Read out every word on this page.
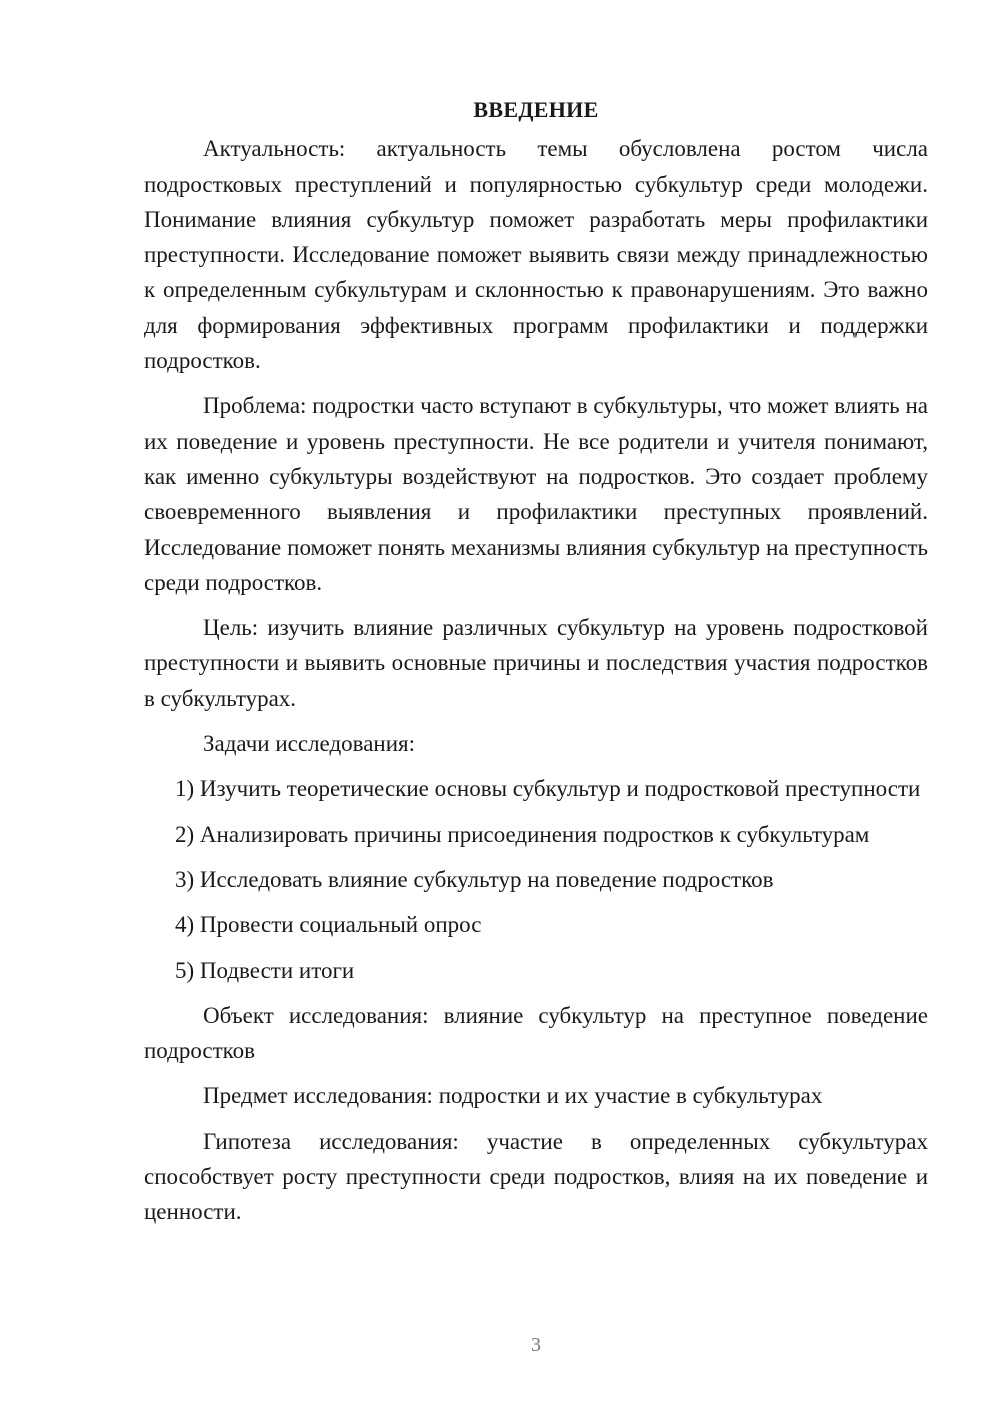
ВВЕДЕНИЕ

Актуальность: актуальность темы обусловлена ростом числа подростковых преступлений и популярностью субкультур среди молодежи. Понимание влияния субкультур поможет разработать меры профилактики преступности. Исследование поможет выявить связи между принадлежностью к определенным субкультурам и склонностью к правонарушениям. Это важно для формирования эффективных программ профилактики и поддержки подростков.

Проблема: подростки часто вступают в субкультуры, что может влиять на их поведение и уровень преступности. Не все родители и учителя понимают, как именно субкультуры воздействуют на подростков. Это создает проблему своевременного выявления и профилактики преступных проявлений. Исследование поможет понять механизмы влияния субкультур на преступность среди подростков.

Цель: изучить влияние различных субкультур на уровень подростковой преступности и выявить основные причины и последствия участия подростков в субкультурах.

Задачи исследования:

1) Изучить теоретические основы субкультур и подростковой преступности

2) Анализировать причины присоединения подростков к субкультурам

3) Исследовать влияние субкультур на поведение подростков

4) Провести социальный опрос

5) Подвести итоги

Объект исследования: влияние субкультур на преступное поведение подростков

Предмет исследования: подростки и их участие в субкультурах

Гипотеза исследования: участие в определенных субкультурах способствует росту преступности среди подростков, влияя на их поведение и ценности.

3
